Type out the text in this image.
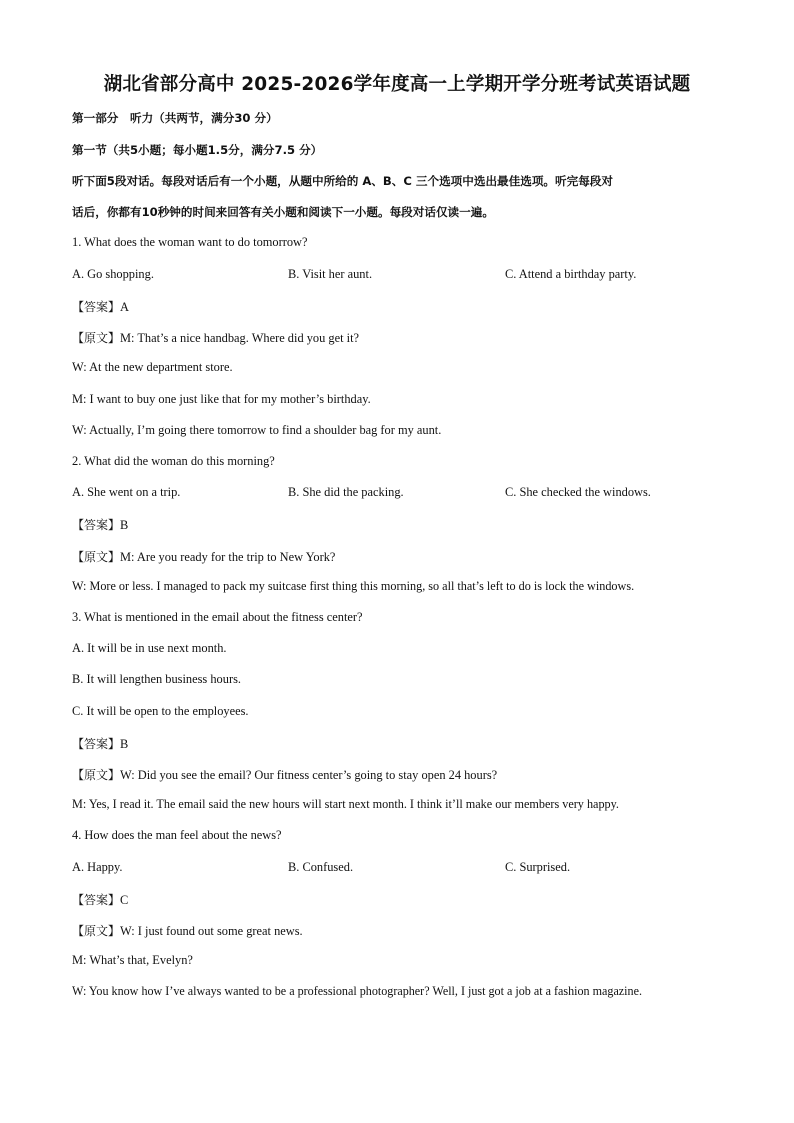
湖北省部分高中 2025-2026学年度高一上学期开学分班考试英语试题
第一部分　听力（共两节，满分30 分）
第一节（共5小题；每小题1.5分，满分7.5 分）
听下面5段对话。每段对话后有一个小题，从题中所给的 A、B、C 三个选项中选出最佳选项。听完每段对
话后，你都有10秒钟的时间来回答有关小题和阅读下一小题。每段对话仅读一遍。
1. What does the woman want to do tomorrow?
A. Go shopping.	B. Visit her aunt.	C. Attend a birthday party.
【答案】A
【原文】M: That’s a nice handbag. Where did you get it?
W: At the new department store.
M: I want to buy one just like that for my mother’s birthday.
W: Actually, I’m going there tomorrow to find a shoulder bag for my aunt.
2. What did the woman do this morning?
A. She went on a trip.	B. She did the packing.	C. She checked the windows.
【答案】B
【原文】M: Are you ready for the trip to New York?
W: More or less. I managed to pack my suitcase first thing this morning, so all that’s left to do is lock the windows.
3. What is mentioned in the email about the fitness center?
A. It will be in use next month.
B. It will lengthen business hours.
C. It will be open to the employees.
【答案】B
【原文】W: Did you see the email? Our fitness center’s going to stay open 24 hours?
M: Yes, I read it. The email said the new hours will start next month. I think it’ll make our members very happy.
4. How does the man feel about the news?
A. Happy.	B. Confused.	C. Surprised.
【答案】C
【原文】W: I just found out some great news.
M: What’s that, Evelyn?
W: You know how I’ve always wanted to be a professional photographer? Well, I just got a job at a fashion magazine.
